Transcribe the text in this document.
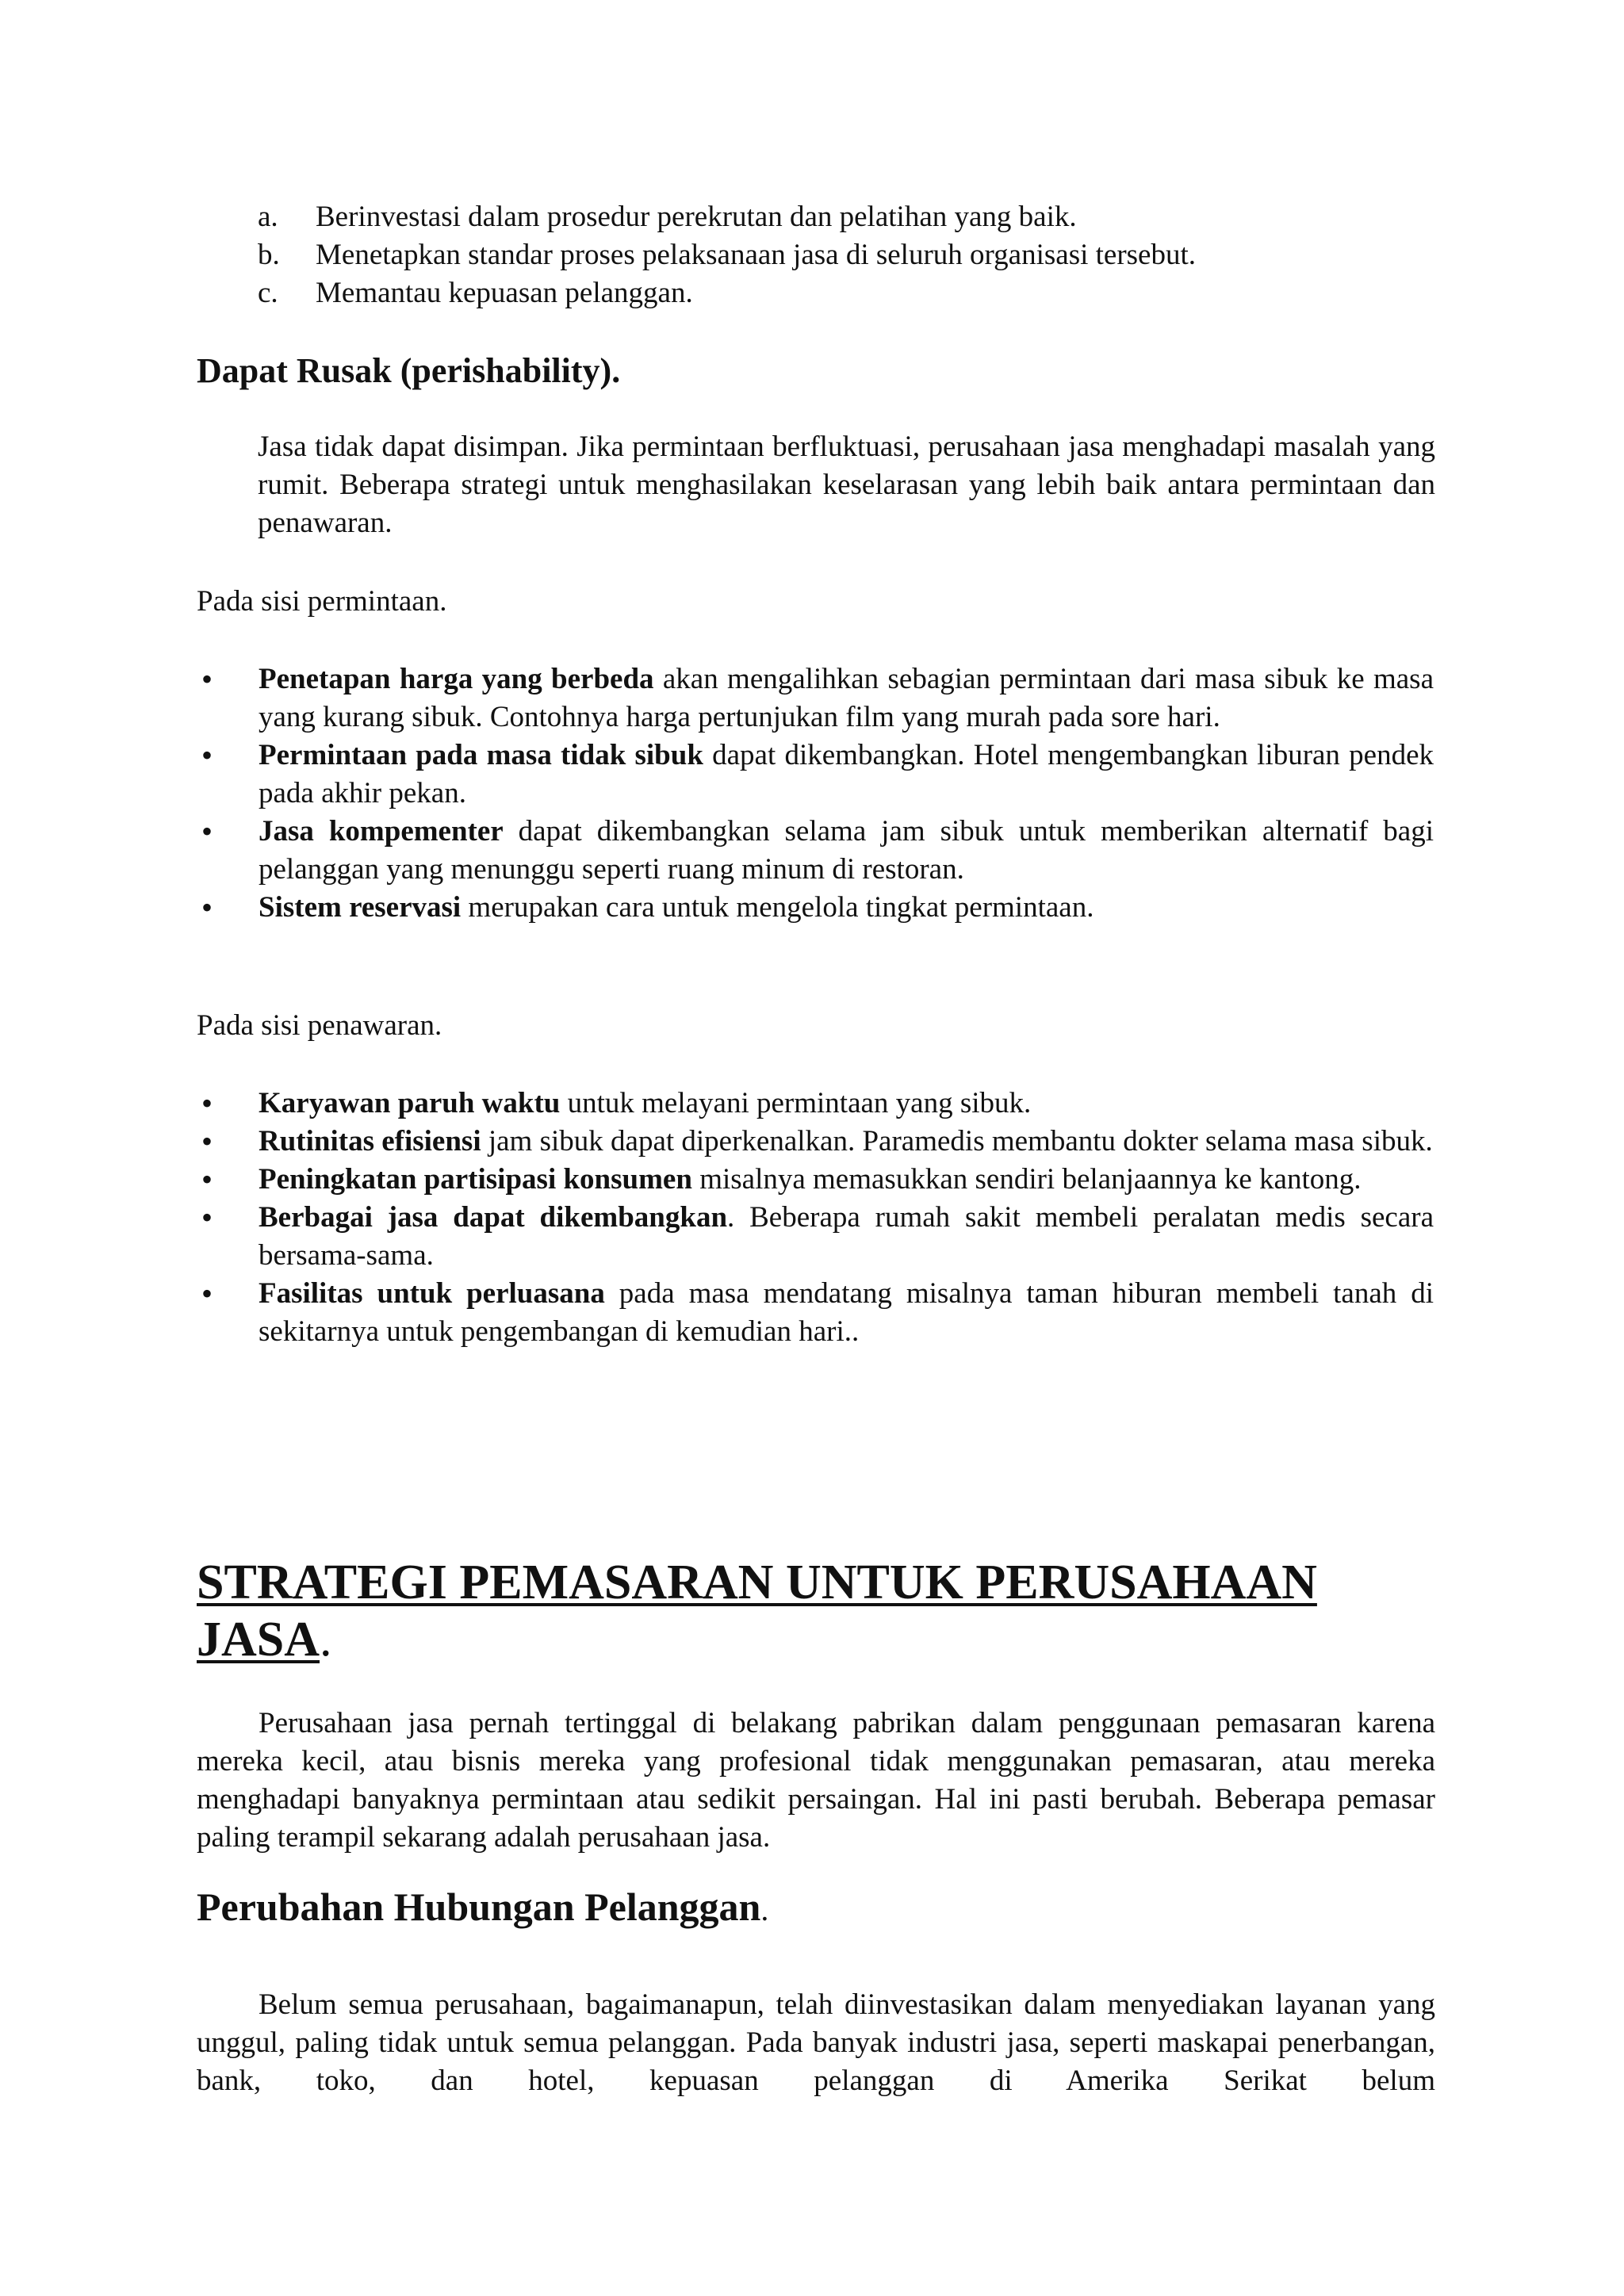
a.	Berinvestasi dalam prosedur perekrutan dan pelatihan yang baik.
b.	Menetapkan standar proses pelaksanaan jasa di seluruh organisasi tersebut.
c.	Memantau kepuasan pelanggan.
Dapat Rusak (perishability).

Jasa tidak dapat disimpan. Jika permintaan berfluktuasi, perusahaan jasa menghadapi masalah yang rumit. Beberapa strategi untuk menghasilakan keselarasan yang lebih baik antara permintaan dan penawaran.

Pada sisi permintaan.

•	Penetapan harga yang berbeda akan mengalihkan sebagian permintaan dari masa sibuk ke masa yang kurang sibuk. Contohnya harga pertunjukan film yang murah pada sore hari.
•	Permintaan pada masa tidak sibuk dapat dikembangkan. Hotel mengembangkan liburan pendek pada akhir pekan.
•	Jasa kompementer dapat dikembangkan selama jam sibuk untuk memberikan alternatif bagi pelanggan yang menunggu seperti ruang minum di restoran.
•	Sistem reservasi merupakan cara untuk mengelola tingkat permintaan.

Pada sisi penawaran.

•	Karyawan paruh waktu untuk melayani permintaan yang sibuk.
•	Rutinitas efisiensi jam sibuk dapat diperkenalkan. Paramedis membantu dokter selama masa sibuk.
•	Peningkatan partisipasi konsumen misalnya memasukkan sendiri belanjaannya ke kantong.
•	Berbagai jasa dapat dikembangkan. Beberapa rumah sakit membeli peralatan medis secara bersama-sama.
•	Fasilitas untuk perluasana pada masa mendatang misalnya taman hiburan membeli tanah di sekitarnya untuk pengembangan di kemudian hari..
STRATEGI PEMASARAN UNTUK PERUSAHAAN
JASA.

Perusahaan jasa pernah tertinggal di belakang pabrikan dalam penggunaan pemasaran karena mereka kecil, atau bisnis mereka yang profesional tidak menggunakan pemasaran, atau mereka menghadapi banyaknya permintaan atau sedikit persaingan. Hal ini pasti berubah. Beberapa pemasar paling terampil sekarang adalah perusahaan jasa.

Perubahan Hubungan Pelanggan.

Belum semua perusahaan, bagaimanapun, telah diinvestasikan dalam menyediakan layanan yang unggul, paling tidak untuk semua pelanggan. Pada banyak industri jasa, seperti maskapai penerbangan, bank, toko, dan hotel, kepuasan pelanggan di Amerika Serikat belum
